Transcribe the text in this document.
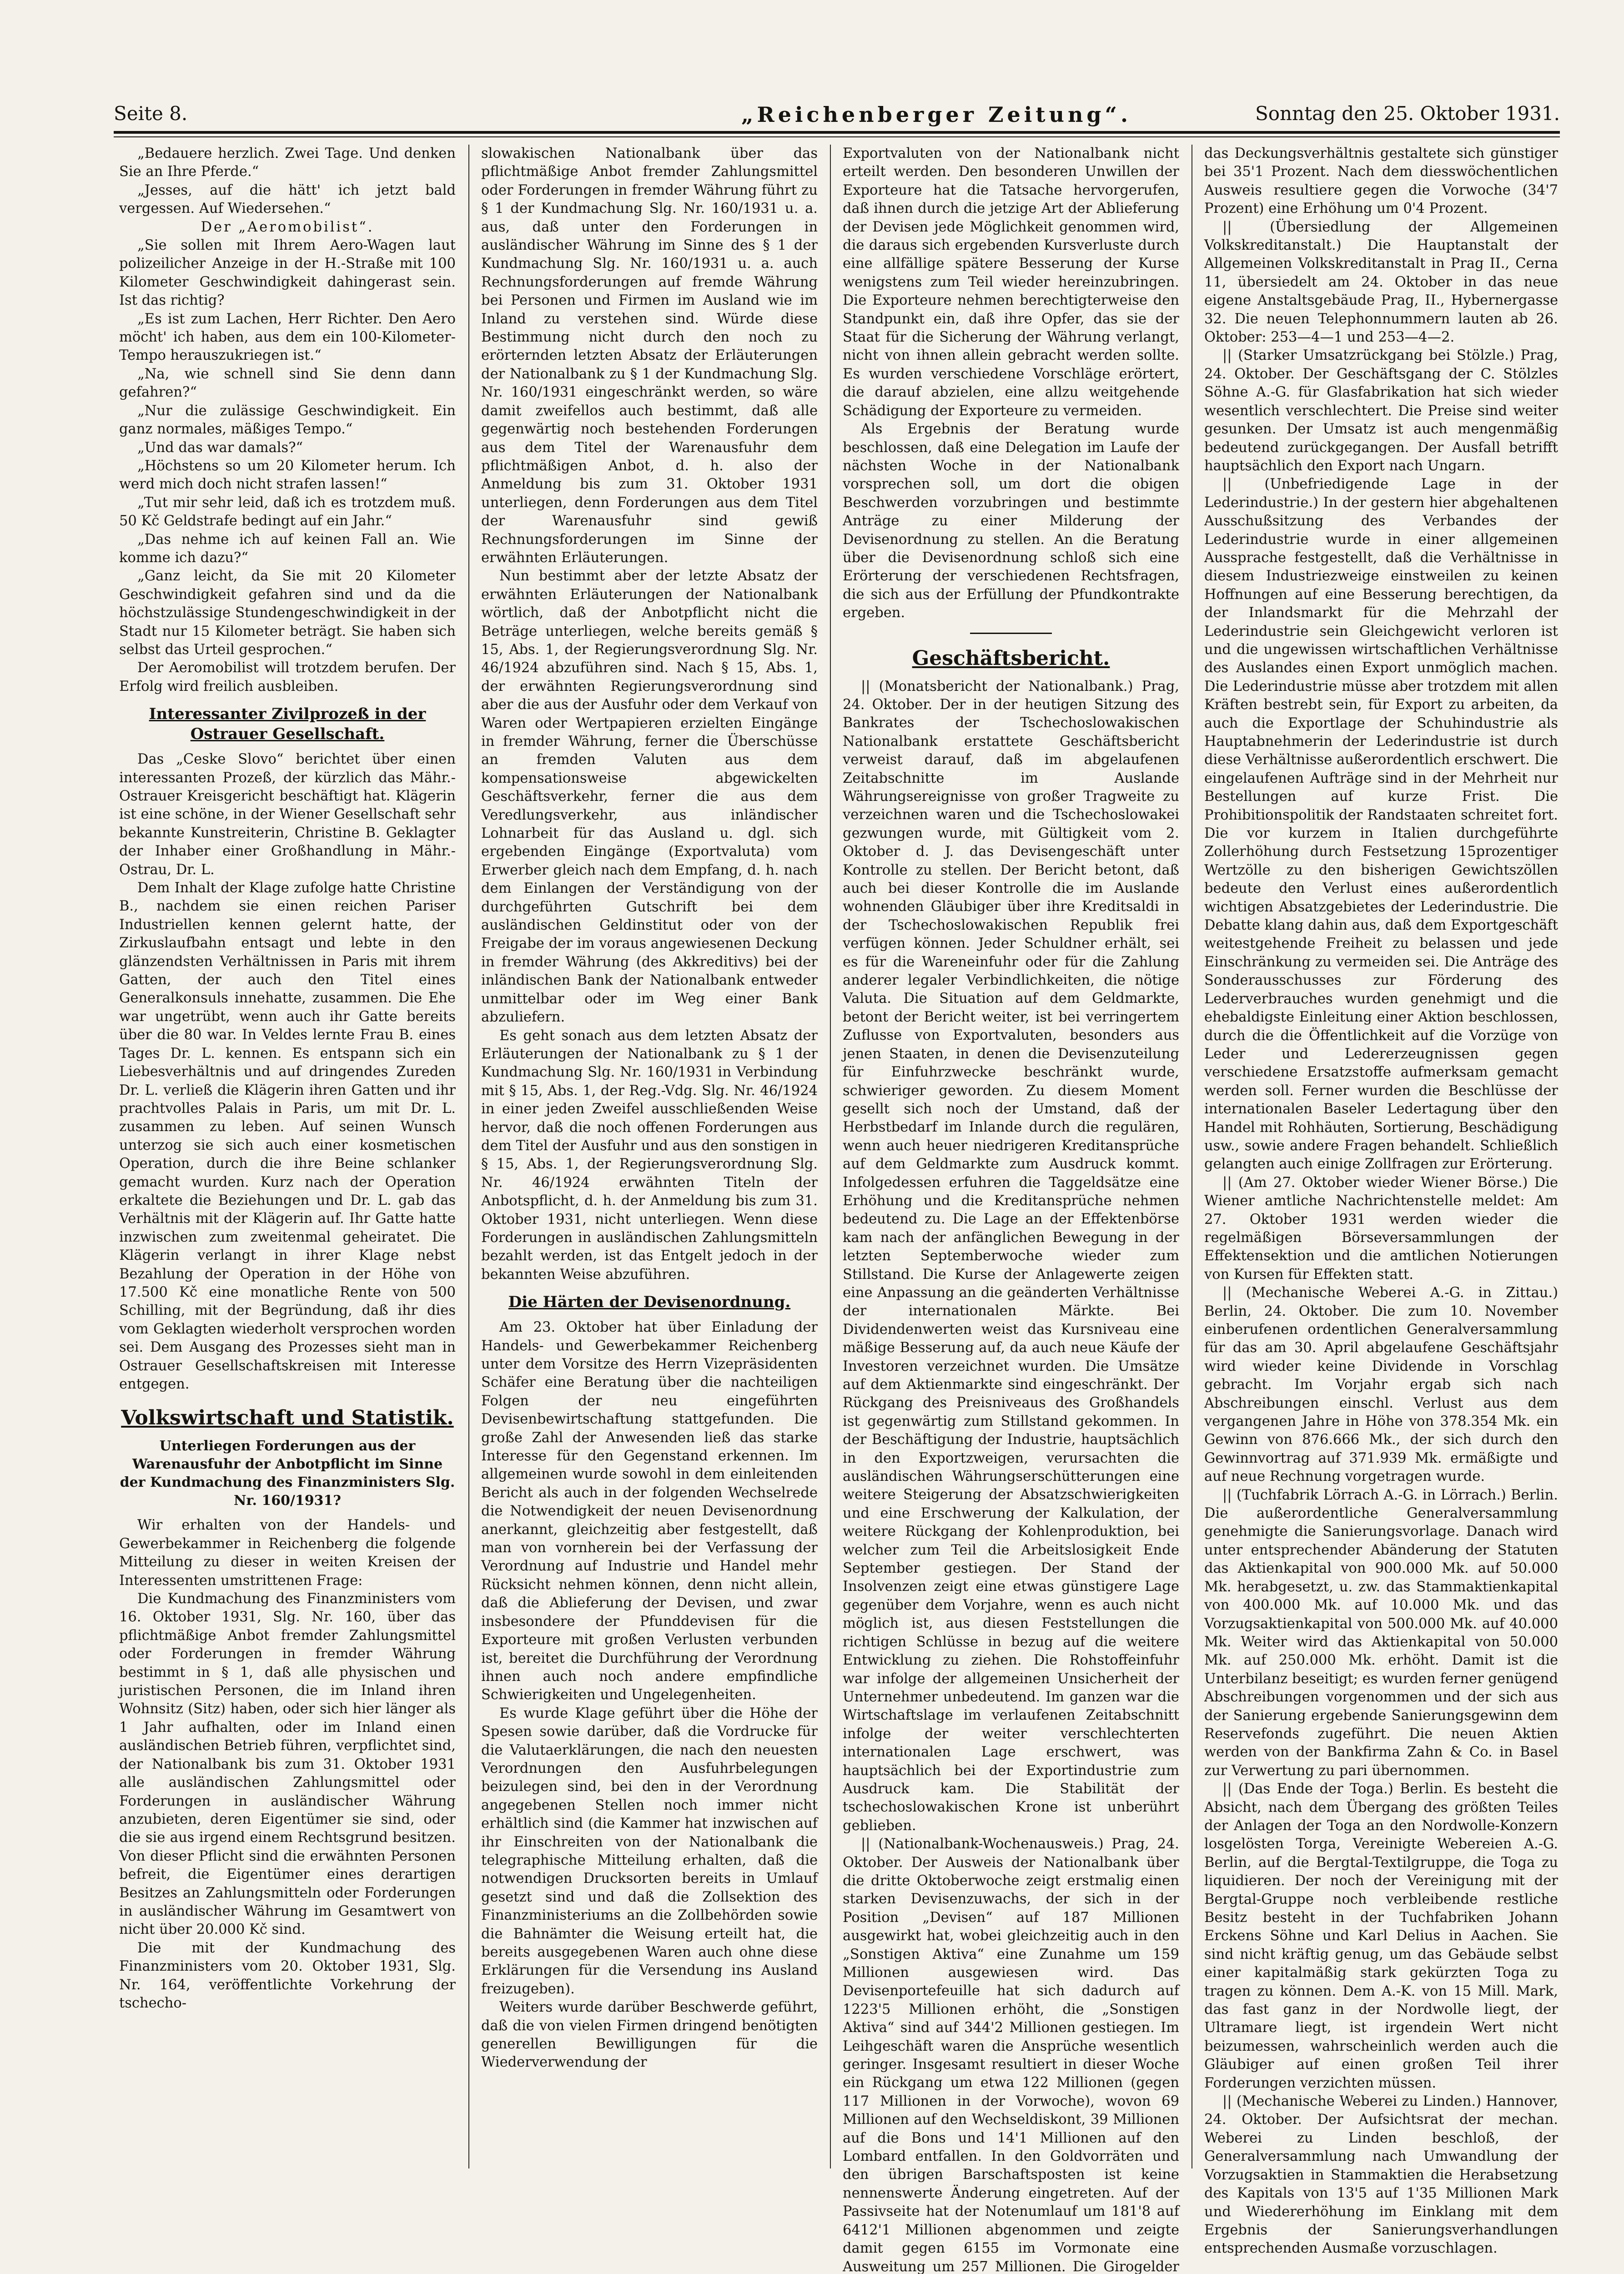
Seite 8.	„Reichenberger Zeitung“.	Sonntag den 25. Oktober 1931.

„Bedauere herzlich. Zwei Tage. Und denken Sie an Ihre Pferde.“

„Jesses, auf die hätt' ich jetzt bald vergessen. Auf Wiedersehen.“

Der „Aeromobilist“.

„Sie sollen mit Ihrem Aero-Wagen laut polizeilicher Anzeige in der H.-Straße mit 100 Kilometer Geschwindigkeit dahingerast sein. Ist das richtig?

„Es ist zum Lachen, Herr Richter. Den Aero möcht' ich haben, aus dem ein 100-Kilometer-Tempo herauszukriegen ist.“

„Na, wie schnell sind Sie denn dann gefahren?“

„Nur die zulässige Geschwindigkeit. Ein ganz normales, mäßiges Tempo.“

„Und das war damals?“

„Höchstens so um 20 Kilometer herum. Ich werd mich doch nicht strafen lassen!“

„Tut mir sehr leid, daß ich es trotzdem muß. 50 Kč Geldstrafe bedingt auf ein Jahr.“

„Das nehme ich auf keinen Fall an. Wie komme ich dazu?“

„Ganz leicht, da Sie mit 20 Kilometer Geschwindigkeit gefahren sind und da die höchstzulässige Stundengeschwindigkeit in der Stadt nur 15 Kilometer beträgt. Sie haben sich selbst das Urteil gesprochen.“

Der Aeromobilist will trotzdem berufen. Der Erfolg wird freilich ausbleiben.

Interessanter Zivilprozeß in der Ostrauer Gesellschaft.

Das „Ceske Slovo“ berichtet über einen interessanten Prozeß, der kürzlich das Mähr.-Ostrauer Kreisgericht beschäftigt hat. Klägerin ist eine schöne, in der Wiener Gesellschaft sehr bekannte Kunstreiterin, Christine B. Geklagter der Inhaber einer Großhandlung in Mähr.-Ostrau, Dr. L.

Dem Inhalt der Klage zufolge hatte Christine B., nachdem sie einen reichen Pariser Industriellen kennen gelernt hatte, der Zirkuslaufbahn entsagt und lebte in den glänzendsten Verhältnissen in Paris mit ihrem Gatten, der auch den Titel eines Generalkonsuls innehatte, zusammen. Die Ehe war ungetrübt, wenn auch ihr Gatte bereits über die 80 war. In Veldes lernte Frau B. eines Tages Dr. L. kennen. Es entspann sich ein Liebesverhältnis und auf dringendes Zureden Dr. L. verließ die Klägerin ihren Gatten und ihr prachtvolles Palais in Paris, um mit Dr. L. zusammen zu leben. Auf seinen Wunsch unterzog sie sich auch einer kosmetischen Operation, durch die ihre Beine schlanker gemacht wurden. Kurz nach der Operation erkaltete die Beziehungen und Dr. L. gab das Verhältnis mit der Klägerin auf. Ihr Gatte hatte inzwischen zum zweitenmal geheiratet. Die Klägerin verlangt in ihrer Klage nebst Bezahlung der Operation in der Höhe von 17.500 Kč eine monatliche Rente von 500 Schilling, mit der Begründung, daß ihr dies vom Geklagten wiederholt versprochen worden sei. Dem Ausgang des Prozesses sieht man in Ostrauer Gesellschaftskreisen mit Interesse entgegen.

Volkswirtschaft und Statistik.
Unterliegen Forderungen aus der Warenausfuhr der Anbotpflicht im Sinne der Kundmachung des Finanzministers Slg. Nr. 160/1931?

Wir erhalten von der Handels- und Gewerbekammer in Reichenberg die folgende Mitteilung zu dieser in weiten Kreisen der Interessenten umstrittenen Frage:

Die Kundmachung des Finanzministers vom 16. Oktober 1931, Slg. Nr. 160, über das pflichtmäßige Anbot fremder Zahlungsmittel oder Forderungen in fremder Währung bestimmt in § 1, daß alle physischen und juristischen Personen, die im Inland ihren Wohnsitz (Sitz) haben, oder sich hier länger als 1 Jahr aufhalten, oder im Inland einen ausländischen Betrieb führen, verpflichtet sind, der Nationalbank bis zum 31. Oktober 1931 alle ausländischen Zahlungsmittel oder Forderungen in ausländischer Währung anzubieten, deren Eigentümer sie sind, oder die sie aus irgend einem Rechtsgrund besitzen. Von dieser Pflicht sind die erwähnten Personen befreit, die Eigentümer eines derartigen Besitzes an Zahlungsmitteln oder Forderungen in ausländischer Währung im Gesamtwert von nicht über 20.000 Kč sind.

Die mit der Kundmachung des Finanzministers vom 20. Oktober 1931, Slg. Nr. 164, veröffentlichte Vorkehrung der tschecho-

slowakischen Nationalbank über das pflichtmäßige Anbot fremder Zahlungsmittel oder Forderungen in fremder Währung führt zu § 1 der Kundmachung Slg. Nr. 160/1931 u. a. aus, daß unter den Forderungen in ausländischer Währung im Sinne des § 1 der Kundmachung Slg. Nr. 160/1931 u. a. auch Rechnungsforderungen auf fremde Währung bei Personen und Firmen im Ausland wie im Inland zu verstehen sind. Würde diese Bestimmung nicht durch den noch zu erörternden letzten Absatz der Erläuterungen der Nationalbank zu § 1 der Kundmachung Slg. Nr. 160/1931 eingeschränkt werden, so wäre damit zweifellos auch bestimmt, daß alle gegenwärtig noch bestehenden Forderungen aus dem Titel der Warenausfuhr dem pflichtmäßigen Anbot, d. h. also der Anmeldung bis zum 31. Oktober 1931 unterliegen, denn Forderungen aus dem Titel der Warenausfuhr sind gewiß Rechnungsforderungen im Sinne der erwähnten Erläuterungen.

Nun bestimmt aber der letzte Absatz der erwähnten Erläuterungen der Nationalbank wörtlich, daß der Anbotpflicht nicht die Beträge unterliegen, welche bereits gemäß § 15, Abs. 1, der Regierungsverordnung Slg. Nr. 46/1924 abzuführen sind. Nach § 15, Abs. 1, der erwähnten Regierungsverordnung sind aber die aus der Ausfuhr oder dem Verkauf von Waren oder Wertpapieren erzielten Eingänge in fremder Währung, ferner die Überschüsse an fremden Valuten aus dem kompensationsweise abgewickelten Geschäftsverkehr, ferner die aus dem Veredlungsverkehr, aus inländischer Lohnarbeit für das Ausland u. dgl. sich ergebenden Eingänge (Exportvaluta) vom Erwerber gleich nach dem Empfang, d. h. nach dem Einlangen der Verständigung von der durchgeführten Gutschrift bei dem ausländischen Geldinstitut oder von der Freigabe der im voraus angewiesenen Deckung in fremder Währung (des Akkreditivs) bei der inländischen Bank der Nationalbank entweder unmittelbar oder im Weg einer Bank abzuliefern.

Es geht sonach aus dem letzten Absatz der Erläuterungen der Nationalbank zu § 1 der Kundmachung Slg. Nr. 160/1931 in Verbindung mit § 15, Abs. 1, der Reg.-Vdg. Slg. Nr. 46/1924 in einer jeden Zweifel ausschließenden Weise hervor, daß die noch offenen Forderungen aus dem Titel der Ausfuhr und aus den sonstigen in § 15, Abs. 1, der Regierungsverordnung Slg. Nr. 46/1924 erwähnten Titeln der Anbotspflicht, d. h. der Anmeldung bis zum 31. Oktober 1931, nicht unterliegen. Wenn diese Forderungen in ausländischen Zahlungsmitteln bezahlt werden, ist das Entgelt jedoch in der bekannten Weise abzuführen.

Die Härten der Devisenordnung.

Am 23. Oktober hat über Einladung der Handels- und Gewerbekammer Reichenberg unter dem Vorsitze des Herrn Vizepräsidenten Schäfer eine Beratung über die nachteiligen Folgen der neu eingeführten Devisenbewirtschaftung stattgefunden. Die große Zahl der Anwesenden ließ das starke Interesse für den Gegenstand erkennen. Im allgemeinen wurde sowohl in dem einleitenden Bericht als auch in der folgenden Wechselrede die Notwendigkeit der neuen Devisenordnung anerkannt, gleichzeitig aber festgestellt, daß man von vornherein bei der Verfassung der Verordnung auf Industrie und Handel mehr Rücksicht nehmen können, denn nicht allein, daß die Ablieferung der Devisen, und zwar insbesondere der Pfunddevisen für die Exporteure mit großen Verlusten verbunden ist, bereitet die Durchführung der Verordnung ihnen auch noch andere empfindliche Schwierigkeiten und Ungelegenheiten.

Es wurde Klage geführt über die Höhe der Spesen sowie darüber, daß die Vordrucke für die Valutaerklärungen, die nach den neuesten Verordnungen den Ausfuhrbelegungen beizulegen sind, bei den in der Verordnung angegebenen Stellen noch immer nicht erhältlich sind (die Kammer hat inzwischen auf ihr Einschreiten von der Nationalbank die telegraphische Mitteilung erhalten, daß die notwendigen Drucksorten bereits in Umlauf gesetzt sind und daß die Zollsektion des Finanzministeriums an die Zollbehörden sowie die Bahnämter die Weisung erteilt hat, die bereits ausgegebenen Waren auch ohne diese Erklärungen für die Versendung ins Ausland freizugeben).

Weiters wurde darüber Beschwerde geführt, daß die von vielen Firmen dringend benötigten generellen Bewilligungen für die Wiederverwendung der

Exportvaluten von der Nationalbank nicht erteilt werden. Den besonderen Unwillen der Exporteure hat die Tatsache hervorgerufen, daß ihnen durch die jetzige Art der Ablieferung der Devisen jede Möglichkeit genommen wird, die daraus sich ergebenden Kursverluste durch eine allfällige spätere Besserung der Kurse wenigstens zum Teil wieder hereinzubringen. Die Exporteure nehmen berechtigterweise den Standpunkt ein, daß ihre Opfer, das sie der Staat für die Sicherung der Währung verlangt, nicht von ihnen allein gebracht werden sollte. Es wurden verschiedene Vorschläge erörtert, die darauf abzielen, eine allzu weitgehende Schädigung der Exporteure zu vermeiden.

Als Ergebnis der Beratung wurde beschlossen, daß eine Delegation im Laufe der nächsten Woche in der Nationalbank vorsprechen soll, um dort die obigen Beschwerden vorzubringen und bestimmte Anträge zu einer Milderung der Devisenordnung zu stellen. An die Beratung über die Devisenordnung schloß sich eine Erörterung der verschiedenen Rechtsfragen, die sich aus der Erfüllung der Pfundkontrakte ergeben.

Geschäftsbericht.

|| (Monatsbericht der Nationalbank.) Prag, 24. Oktober. Der in der heutigen Sitzung des Bankrates der Tschechoslowakischen Nationalbank erstattete Geschäftsbericht verweist darauf, daß im abgelaufenen Zeitabschnitte im Auslande Währungsereignisse von großer Tragweite zu verzeichnen waren und die Tschechoslowakei gezwungen wurde, mit Gültigkeit vom 2. Oktober d. J. das Devisengeschäft unter Kontrolle zu stellen. Der Bericht betont, daß auch bei dieser Kontrolle die im Auslande wohnenden Gläubiger über ihre Kreditsaldi in der Tschechoslowakischen Republik frei verfügen können. Jeder Schuldner erhält, sei es für die Wareneinfuhr oder für die Zahlung anderer legaler Verbindlichkeiten, die nötige Valuta. Die Situation auf dem Geldmarkte, betont der Bericht weiter, ist bei verringertem Zuflusse von Exportvaluten, besonders aus jenen Staaten, in denen die Devisenzuteilung für Einfuhrzwecke beschränkt wurde, schwieriger geworden. Zu diesem Moment gesellt sich noch der Umstand, daß der Herbstbedarf im Inlande durch die regulären, wenn auch heuer niedrigeren Kreditansprüche auf dem Geldmarkte zum Ausdruck kommt. Infolgedessen erfuhren die Taggeldsätze eine Erhöhung und die Kreditansprüche nehmen bedeutend zu. Die Lage an der Effektenbörse kam nach der anfänglichen Bewegung in der letzten Septemberwoche wieder zum Stillstand. Die Kurse der Anlagewerte zeigen eine Anpassung an die geänderten Verhältnisse der internationalen Märkte. Bei Dividendenwerten weist das Kursniveau eine mäßige Besserung auf, da auch neue Käufe der Investoren verzeichnet wurden. Die Umsätze auf dem Aktienmarkte sind eingeschränkt. Der Rückgang des Preisniveaus des Großhandels ist gegenwärtig zum Stillstand gekommen. In der Beschäftigung der Industrie, hauptsächlich in den Exportzweigen, verursachten die ausländischen Währungserschütterungen eine weitere Steigerung der Absatzschwierigkeiten und eine Erschwerung der Kalkulation, der weitere Rückgang der Kohlenproduktion, bei welcher zum Teil die Arbeitslosigkeit Ende September gestiegen. Der Stand der Insolvenzen zeigt eine etwas günstigere Lage gegenüber dem Vorjahre, wenn es auch nicht möglich ist, aus diesen Feststellungen die richtigen Schlüsse in bezug auf die weitere Entwicklung zu ziehen. Die Rohstoffeinfuhr war infolge der allgemeinen Unsicherheit der Unternehmer unbedeutend. Im ganzen war die Wirtschaftslage im verlaufenen Zeitabschnitt infolge der weiter verschlechterten internationalen Lage erschwert, was hauptsächlich bei der Exportindustrie zum Ausdruck kam. Die Stabilität der tschechoslowakischen Krone ist unberührt geblieben.

|| (Nationalbank-Wochenausweis.) Prag, 24. Oktober. Der Ausweis der Nationalbank über die dritte Oktoberwoche zeigt erstmalig einen starken Devisenzuwachs, der sich in der Position „Devisen“ auf 187 Millionen ausgewirkt hat, wobei gleichzeitig auch in den „Sonstigen Aktiva“ eine Zunahme um 159 Millionen ausgewiesen wird. Das Devisenportefeuille hat sich dadurch auf 1223'5 Millionen erhöht, die „Sonstigen Aktiva“ sind auf 344'2 Millionen gestiegen. Im Leihgeschäft waren die Ansprüche wesentlich geringer. Insgesamt resultiert in dieser Woche ein Rückgang um etwa 122 Millionen (gegen 117 Millionen in der Vorwoche), wovon 69 Millionen auf den Wechseldiskont, 39 Millionen auf die Bons und 14'1 Millionen auf den Lombard entfallen. In den Goldvorräten und den übrigen Barschaftsposten ist keine nennenswerte Änderung eingetreten. Auf der Passivseite hat der Notenumlauf um 181'8 auf 6412'1 Millionen abgenommen und zeigte damit gegen 6155 im Vormonate eine Ausweitung um 257 Millionen. Die Girogelder

das Deckungsverhältnis gestaltete sich günstiger bei 35'1 Prozent. Nach dem diesswöchentlichen Ausweis resultiere gegen die Vorwoche (34'7 Prozent) eine Erhöhung um 0'4 Prozent.

|| (Übersiedlung der Allgemeinen Volkskreditanstalt.) Die Hauptanstalt der Allgemeinen Volkskreditanstalt in Prag II., Cerna 11, übersiedelt am 24. Oktober in das neue eigene Anstaltsgebäude Prag, II., Hybernergasse 32. Die neuen Telephonnummern lauten ab 26. Oktober: 253—4—1 und 253—4—2.

|| (Starker Umsatzrückgang bei Stölzle.) Prag, 24. Oktober. Der Geschäftsgang der C. Stölzles Söhne A.-G. für Glasfabrikation hat sich wieder wesentlich verschlechtert. Die Preise sind weiter gesunken. Der Umsatz ist auch mengenmäßig bedeutend zurückgegangen. Der Ausfall betrifft hauptsächlich den Export nach Ungarn.

|| (Unbefriedigende Lage in der Lederindustrie.) In der gestern hier abgehaltenen Ausschußsitzung des Verbandes der Lederindustrie wurde in einer allgemeinen Aussprache festgestellt, daß die Verhältnisse in diesem Industriezweige einstweilen zu keinen Hoffnungen auf eine Besserung berechtigen, da der Inlandsmarkt für die Mehrzahl der Lederindustrie sein Gleichgewicht verloren ist und die ungewissen wirtschaftlichen Verhältnisse des Auslandes einen Export unmöglich machen. Die Lederindustrie müsse aber trotzdem mit allen Kräften bestrebt sein, für Export zu arbeiten, da auch die Exportlage der Schuhindustrie als Hauptabnehmerin der Lederindustrie ist durch diese Verhältnisse außerordentlich erschwert. Die eingelaufenen Aufträge sind in der Mehrheit nur Bestellungen auf kurze Frist. Die Prohibitionspolitik der Randstaaten schreitet fort. Die vor kurzem in Italien durchgeführte Zollerhöhung durch Festsetzung 15prozentiger Wertzölle zu den bisherigen Gewichtszöllen bedeute den Verlust eines außerordentlich wichtigen Absatzgebietes der Lederindustrie. Die Debatte klang dahin aus, daß dem Exportgeschäft weitestgehende Freiheit zu belassen und jede Einschränkung zu vermeiden sei. Die Anträge des Sonderausschusses zur Förderung des Lederverbrauches wurden genehmigt und die ehebaldigste Einleitung einer Aktion beschlossen, durch die die Öffentlichkeit auf die Vorzüge von Leder und Ledererzeugnissen gegen verschiedene Ersatzstoffe aufmerksam gemacht werden soll. Ferner wurden die Beschlüsse der internationalen Baseler Ledertagung über den Handel mit Rohhäuten, Sortierung, Beschädigung usw., sowie andere Fragen behandelt. Schließlich gelangten auch einige Zollfragen zur Erörterung.

|| (Am 27. Oktober wieder Wiener Börse.) Die Wiener amtliche Nachrichtenstelle meldet: Am 27. Oktober 1931 werden wieder die regelmäßigen Börseversammlungen der Effektensektion und die amtlichen Notierungen von Kursen für Effekten statt.

|| (Mechanische Weberei A.-G. in Zittau.) Berlin, 24. Oktober. Die zum 10. November einberufenen ordentlichen Generalversammlung für das am 30. April abgelaufene Geschäftsjahr wird wieder keine Dividende in Vorschlag gebracht. Im Vorjahr ergab sich nach Abschreibungen einschl. Verlust aus dem vergangenen Jahre in Höhe von 378.354 Mk. ein Gewinn von 876.666 Mk., der sich durch den Gewinnvortrag auf 371.939 Mk. ermäßigte und auf neue Rechnung vorgetragen wurde.

|| (Tuchfabrik Lörrach A.-G. in Lörrach.) Berlin. Die außerordentliche Generalversammlung genehmigte die Sanierungsvorlage. Danach wird unter entsprechender Abänderung der Statuten das Aktienkapital von 900.000 Mk. auf 50.000 Mk. herabgesetzt, u. zw. das Stammaktienkapital von 400.000 Mk. auf 10.000 Mk. und das Vorzugsaktienkapital von 500.000 Mk. auf 40.000 Mk. Weiter wird das Aktienkapital von 50.000 Mk. auf 250.000 Mk. erhöht. Damit ist die Unterbilanz beseitigt; es wurden ferner genügend Abschreibungen vorgenommen und der sich aus der Sanierung ergebende Sanierungsgewinn dem Reservefonds zugeführt. Die neuen Aktien werden von der Bankfirma Zahn & Co. in Basel zur Verwertung zu pari übernommen.

|| (Das Ende der Toga.) Berlin. Es besteht die Absicht, nach dem Übergang des größten Teiles der Anlagen der Toga an den Nordwolle-Konzern losgelösten Torga, Vereinigte Webereien A.-G. Berlin, auf die Bergtal-Textilgruppe, die Toga zu liquidieren. Der noch der Vereinigung mit der Bergtal-Gruppe noch verbleibende restliche Besitz besteht in der Tuchfabriken Johann Erckens Söhne und Karl Delius in Aachen. Sie sind nicht kräftig genug, um das Gebäude selbst einer kapitalmäßig stark gekürzten Toga zu tragen zu können. Dem A.-K. von 15 Mill. Mark, das fast ganz in der Nordwolle liegt, der Ultramare liegt, ist irgendein Wert nicht beizumessen, wahrscheinlich werden auch die Gläubiger auf einen großen Teil ihrer Forderungen verzichten müssen.

|| (Mechanische Weberei zu Linden.) Hannover, 24. Oktober. Der Aufsichtsrat der mechan. Weberei zu Linden beschloß, der Generalversammlung nach Umwandlung der Vorzugsaktien in Stammaktien die Herabsetzung des Kapitals von 13'5 auf 1'35 Millionen Mark und Wiedererhöhung im Einklang mit dem Ergebnis der Sanierungsverhandlungen entsprechenden Ausmaße vorzuschlagen.
